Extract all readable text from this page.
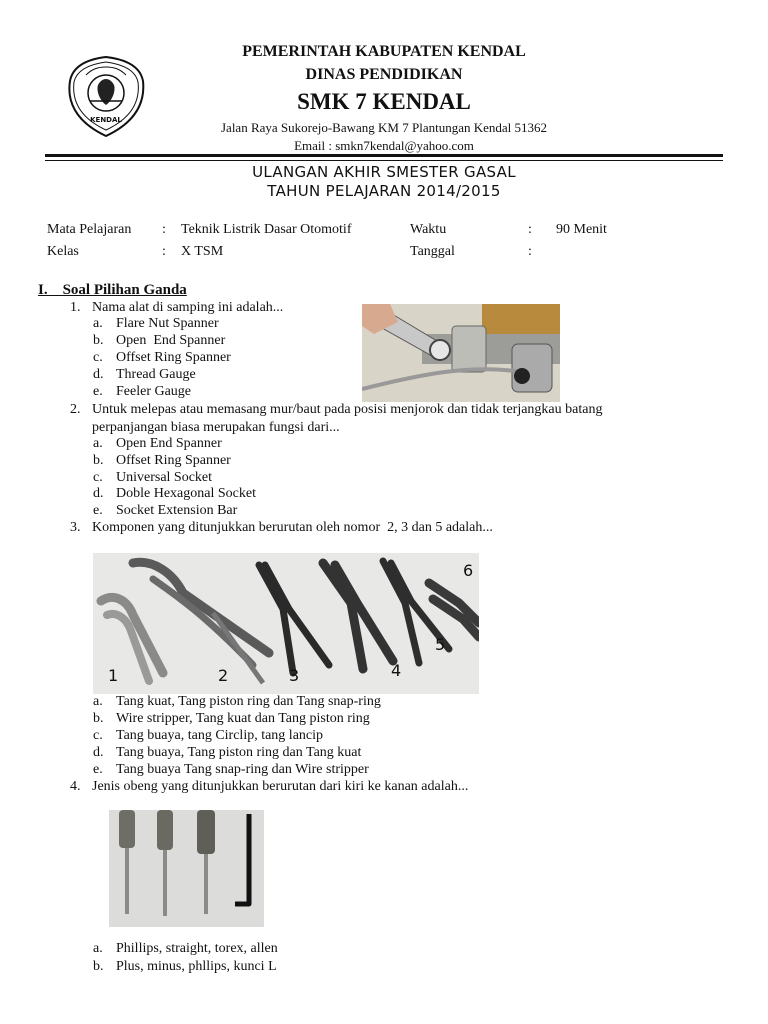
KENDAL
PEMERINTAH KABUPATEN KENDAL
DINAS PENDIDIKAN
SMK 7 KENDAL
Jalan Raya Sukorejo-Bawang KM 7 Plantungan Kendal 51362
Email : smkn7kendal@yahoo.com
ULANGAN AKHIR SMESTER GASAL
TAHUN PELAJARAN 2014/2015
Mata Pelajaran : Teknik Listrik Dasar Otomotif	Waktu	: 90 Menit
Kelas	: X TSM	Tanggal	:
I.    Soal Pilihan Ganda
1. Nama alat di samping ini adalah...
a. Flare Nut Spanner
b. Open  End Spanner
c. Offset Ring Spanner
d. Thread Gauge
e. Feeler Gauge
2. Untuk melepas atau memasang mur/baut pada posisi menjorok dan tidak terjangkau batang
perpanjangan biasa merupakan fungsi dari...
a. Open End Spanner
b. Offset Ring Spanner
c. Universal Socket
d. Doble Hexagonal Socket
e. Socket Extension Bar
3. Komponen yang ditunjukkan berurutan oleh nomor  2, 3 dan 5 adalah...
1	2	3	4
5
6
a. Tang kuat, Tang piston ring dan Tang snap-ring
b. Wire stripper, Tang kuat dan Tang piston ring
c. Tang buaya, tang Circlip, tang lancip
d. Tang buaya, Tang piston ring dan Tang kuat
e. Tang buaya Tang snap-ring dan Wire stripper
4. Jenis obeng yang ditunjukkan berurutan dari kiri ke kanan adalah...
a. Phillips, straight, torex, allen
b. Plus, minus, phllips, kunci L
